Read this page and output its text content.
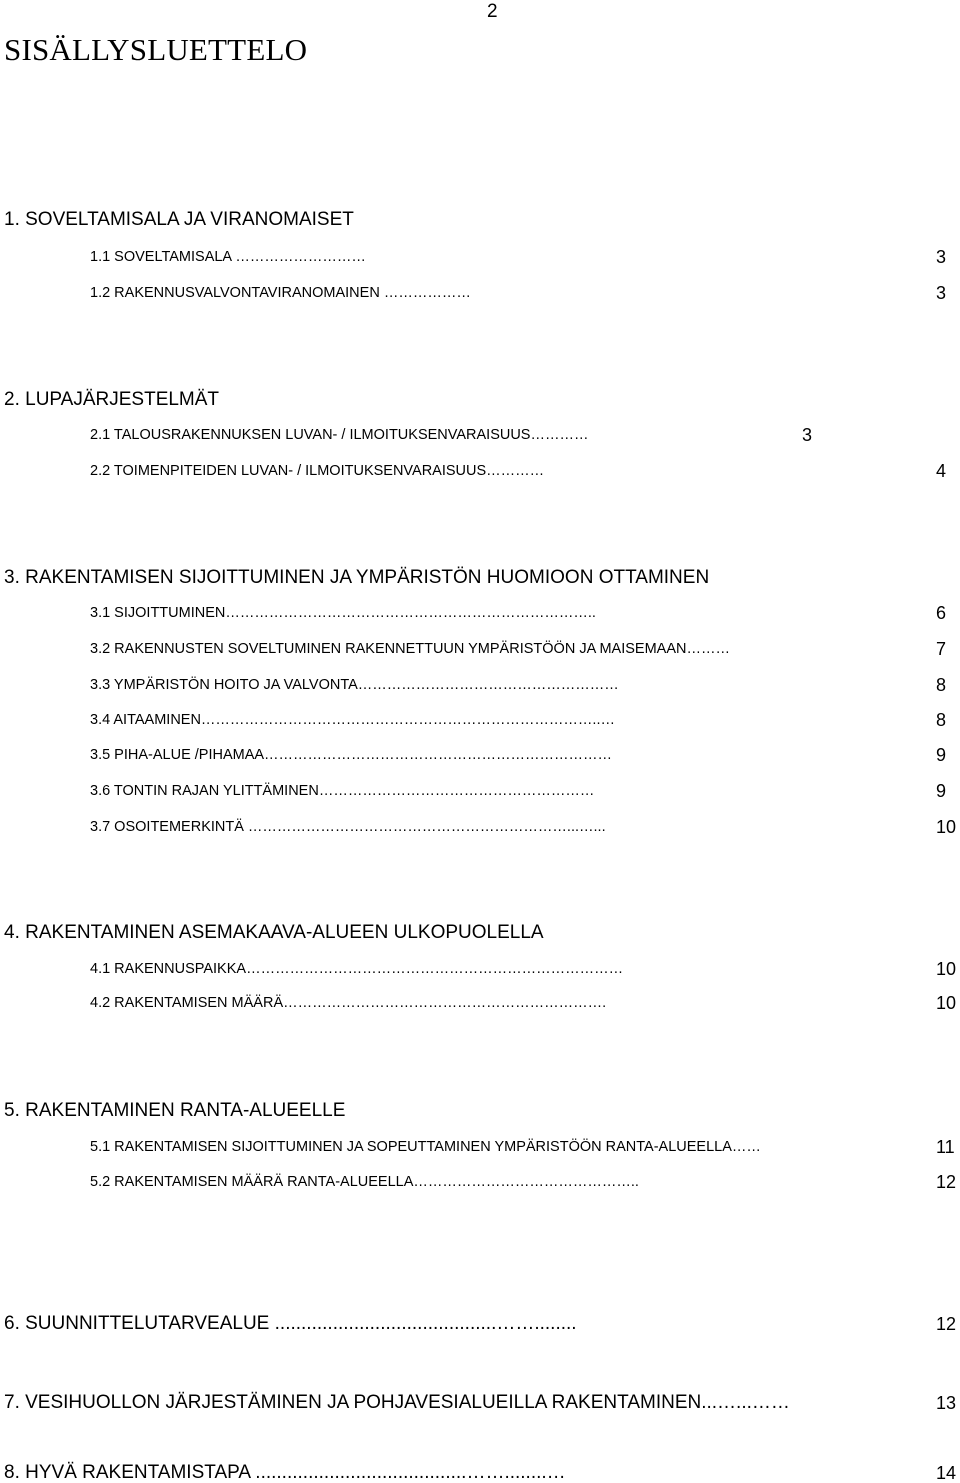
2
SISÄLLYSLUETTELO
1. SOVELTAMISALA JA VIRANOMAISET
1.1 SOVELTAMISALA ………………………	3
1.2 RAKENNUSVALVONTAVIRANOMAINEN ………………	3
2. LUPAJÄRJESTELMÄT
2.1 TALOUSRAKENNUKSEN LUVAN- / ILMOITUKSENVARAISUUS…………	3
2.2 TOIMENPITEIDEN LUVAN- / ILMOITUKSENVARAISUUS…………	4
3. RAKENTAMISEN SIJOITTUMINEN JA YMPÄRISTÖN HUOMIOON OTTAMINEN
3.1 SIJOITTUMINEN…………………………………………………………………..	6
3.2 RAKENNUSTEN SOVELTUMINEN RAKENNETTUUN YMPÄRISTÖÖN JA MAISEMAAN………	7
3.3 YMPÄRISTÖN HOITO JA VALVONTA………………………………………………	8
3.4 AITAAMINEN………………………………………………………………………..…	8
3.5 PIHA-ALUE /PIHAMAA………………………………………………………………	9
3.6 TONTIN RAJAN YLITTÄMINEN…………………………………………………	9
3.7 OSOITEMERKINTÄ …………………………………………………………...…...	10
4. RAKENTAMINEN ASEMAKAAVA-ALUEEN ULKOPUOLELLA
4.1 RAKENNUSPAIKKA……………………………………………………………………	10
4.2 RAKENTAMISEN MÄÄRÄ………………………………………………………….	10
5. RAKENTAMINEN RANTA-ALUEELLE
5.1 RAKENTAMISEN SIJOITTUMINEN JA SOPEUTTAMINEN YMPÄRISTÖÖN RANTA-ALUEELLA……	11
5.2 RAKENTAMISEN MÄÄRÄ RANTA-ALUEELLA………………………………………..	12
6. SUUNNITTELUTARVEALUE ..........................................……........	12
7. VESIHUOLLON JÄRJESTÄMINEN JA POHJAVESIALUEILLA RAKENTAMINEN...…...……	13
8. HYVÄ RAKENTAMISTAPA ........................................……........…	14
